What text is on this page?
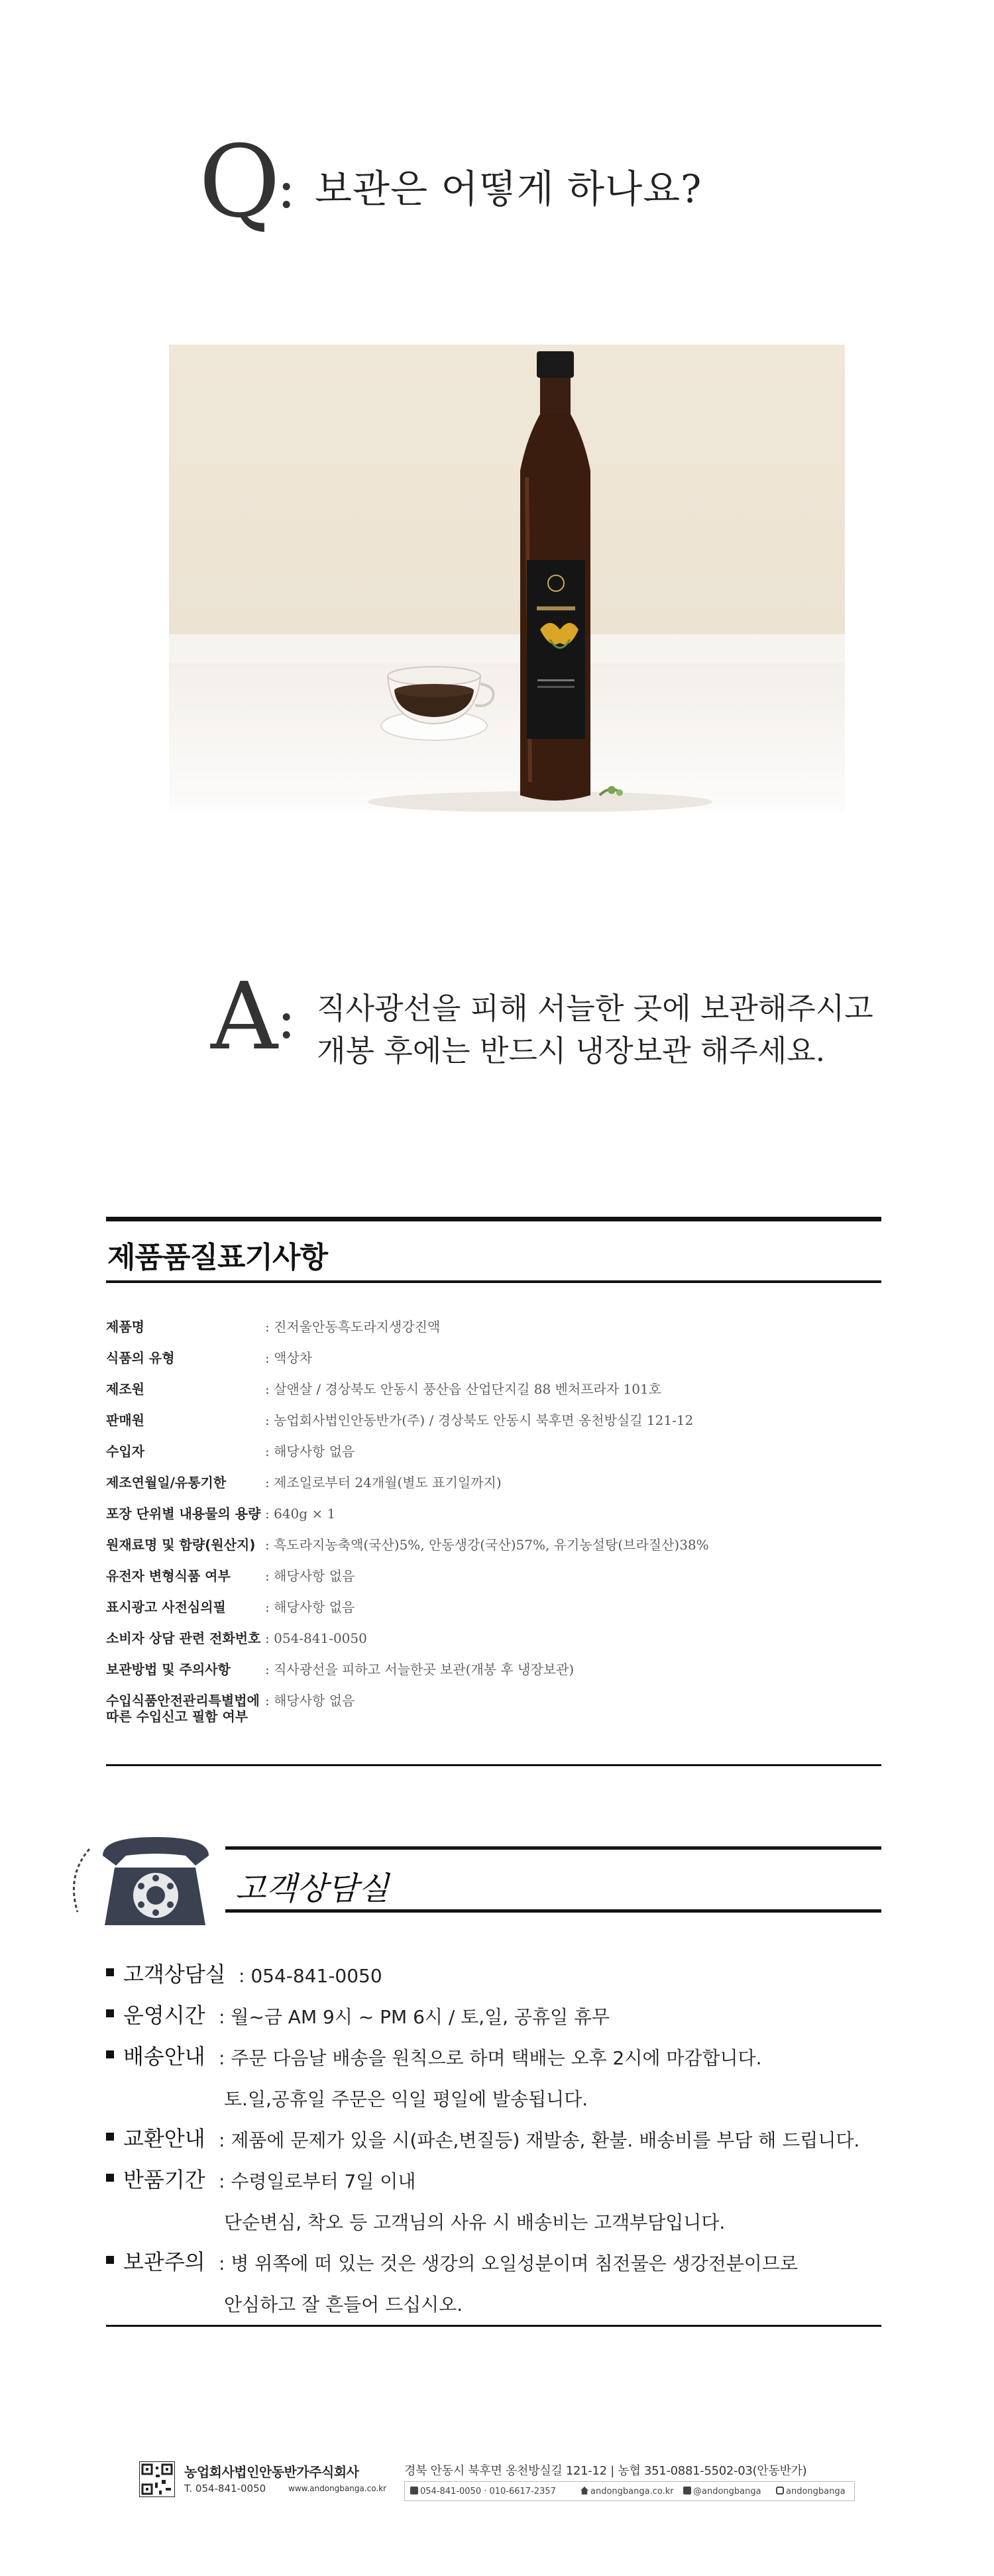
Q
: 보관은 어떻게 하나요?
A
: 직사광선을 피해 서늘한 곳에 보관해주시고
개봉 후에는 반드시 냉장보관 해주세요.
제품품질표기사항
제품명	: 진저울안동흑도라지생강진액
식품의 유형	: 액상차
제조원	: 살앤살 / 경상북도 안동시 풍산읍 산업단지길 88 벤처프라자 101호
판매원	: 농업회사법인안동반가(주) / 경상북도 안동시 북후면 옹천방실길 121-12
수입자	: 해당사항 없음
제조연월일/유통기한	: 제조일로부터 24개월(별도 표기일까지)
포장 단위별 내용물의 용량 : 640g × 1
원재료명 및 함량(원산지) : 흑도라지농축액(국산)5%, 안동생강(국산)57%, 유기농설탕(브라질산)38%
유전자 변형식품 여부	: 해당사항 없음
표시광고 사전심의필	: 해당사항 없음
소비자 상담 관련 전화번호 : 054-841-0050
보관방법 및 주의사항	: 직사광선을 피하고 서늘한곳 보관(개봉 후 냉장보관)
수입식품안전관리특별법에
따른 수입신고 필함 여부
: 해당사항 없음
고객상담실
고객상담실 : 054-841-0050
운영시간 : 월~금 AM 9시 ~ PM 6시 / 토,일, 공휴일 휴무
배송안내 : 주문 다음날 배송을 원칙으로 하며 택배는 오후 2시에 마감합니다.
토.일,공휴일 주문은 익일 평일에 발송됩니다.
교환안내 : 제품에 문제가 있을 시(파손,변질등) 재발송, 환불. 배송비를 부담 해 드립니다.
반품기간 : 수령일로부터 7일 이내
단순변심, 착오 등 고객님의 사유 시 배송비는 고객부담입니다.
보관주의 : 병 위쪽에 떠 있는 것은 생강의 오일성분이며 침전물은 생강전분이므로
안심하고 잘 흔들어 드십시오.
농업회사법인안동반가주식회사
T. 054-841-0050	www.andongbanga.co.kr
경북 안동시 북후면 옹천방실길 121-12 | 농협 351-0881-5502-03(안동반가)
054-841-0050 · 010-6617-2357	andongbanga.co.kr	@andongbanga	andongbanga
